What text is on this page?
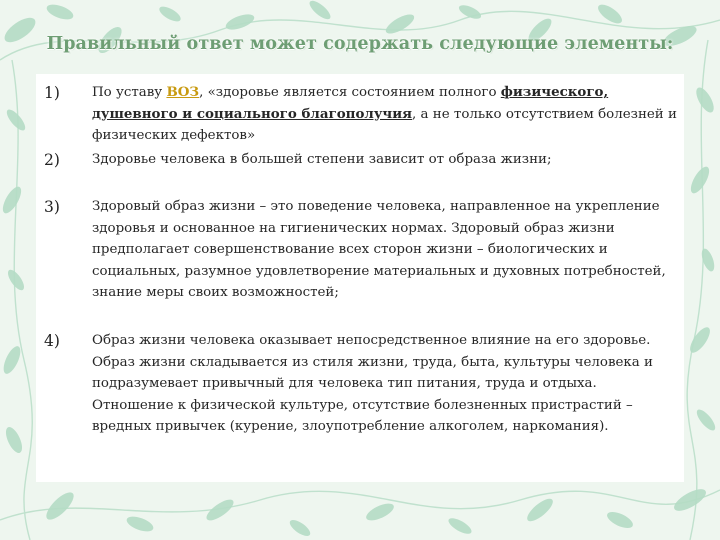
Правильный ответ может содержать следующие элементы:
1)	По уставу ВОЗ, «здоровье является состоянием полного физического, душевного и социального благополучия, а не только отсутствием болезней и физических дефектов»
2)	Здоровье человека в большей степени зависит от образа жизни;
3)	Здоровый образ жизни – это поведение человека, направленное на укрепление здоровья и основанное на гигиенических нормах. Здоровый образ жизни предполагает совершенствование всех сторон жизни – биологических и социальных, разумное удовлетворение материальных и духовных потребностей, знание меры своих возможностей;
4)	Образ жизни человека оказывает непосредственное влияние на его здоровье. Образ жизни складывается из стиля жизни, труда, быта, культуры человека и подразумевает привычный для человека тип питания, труда и отдыха. Отношение к физической культуре, отсутствие болезненных пристрастий – вредных привычек (курение, злоупотребление алкоголем, наркомания).
